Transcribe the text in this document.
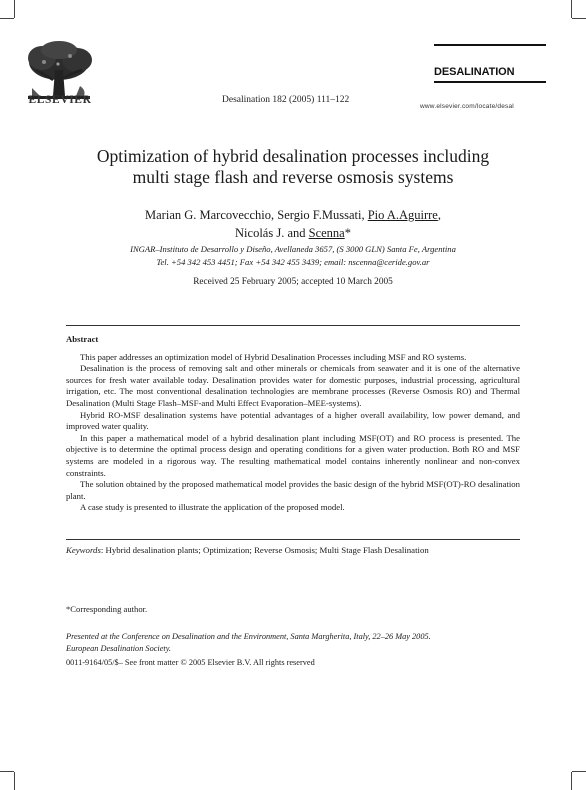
ELSEVIER	Desalination 182 (2005) 111–122
DESALINATION
www.elsevier.com/locate/desal
Optimization of hybrid desalination processes including
multi stage flash and reverse osmosis systems
Marian G. Marcovecchio, Sergio F.Mussati, Pio A.Aguirre,
Nicolás J. and Scenna*
INGAR–Instituto de Desarrollo y Diseño, Avellaneda 3657, (S 3000 GLN) Santa Fe, Argentina
Tel. +54 342 453 4451; Fax +54 342 455 3439; email: nscenna@ceride.gov.ar
Received 25 February 2005; accepted 10 March 2005
Abstract

This paper addresses an optimization model of Hybrid Desalination Processes including MSF and RO systems.

Desalination is the process of removing salt and other minerals or chemicals from seawater and it is one of the alternative sources for fresh water available today. Desalination provides water for domestic purposes, industrial processing, agricultural irrigation, etc. The most conventional desalination technologies are membrane processes (Reverse Osmosis RO) and Thermal Desalination (Multi Stage Flash–MSF-and Multi Effect Evaporation–MEE-systems).

Hybrid RO-MSF desalination systems have potential advantages of a higher overall availability, low power demand, and improved water quality.

In this paper a mathematical model of a hybrid desalination plant including MSF(OT) and RO process is presented. The objective is to determine the optimal process design and operating conditions for a given water production. Both RO and MSF systems are modeled in a rigorous way. The resulting mathematical model contains inherently nonlinear and non-convex constraints.

The solution obtained by the proposed mathematical model provides the basic design of the hybrid MSF(OT)-RO desalination plant.

A case study is presented to illustrate the application of the proposed model.

Keywords: Hybrid desalination plants; Optimization; Reverse Osmosis; Multi Stage Flash Desalination
*Corresponding author.
Presented at the Conference on Desalination and the Environment, Santa Margherita, Italy, 22–26 May 2005.
European Desalination Society.
0011-9164/05/$– See front matter © 2005 Elsevier B.V. All rights reserved
